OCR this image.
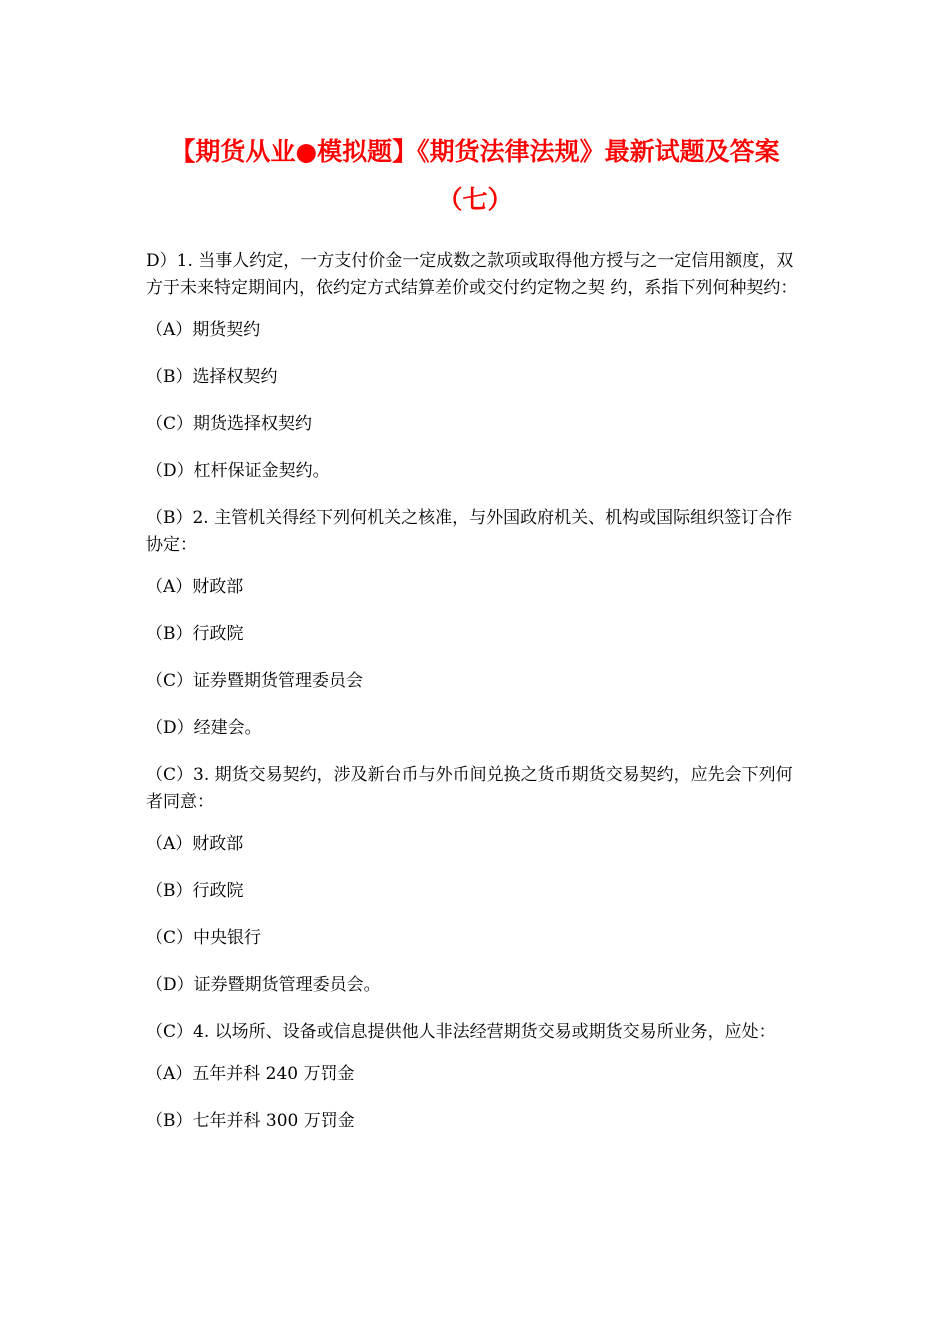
【期货从业●模拟题】《期货法律法规》最新试题及答案
（七）

D）1. 当事人约定，一方支付价金一定成数之款项或取得他方授与之一定信用额度，双方于未来特定期间内，依约定方式结算差价或交付约定物之契 约，系指下列何种契约：

（A）期货契约

（B）选择权契约

（C）期货选择权契约

（D）杠杆保证金契约。

（B）2. 主管机关得经下列何机关之核准，与外国政府机关、机构或国际组织签订合作协定：

（A）财政部

（B）行政院

（C）证券暨期货管理委员会

（D）经建会。

（C）3. 期货交易契约，涉及新台币与外币间兑换之货币期货交易契约，应先会下列何者同意：

（A）财政部

（B）行政院

（C）中央银行

（D）证券暨期货管理委员会。

（C）4. 以场所、设备或信息提供他人非法经营期货交易或期货交易所业务，应处：

（A）五年并科 240 万罚金

（B）七年并科 300 万罚金
